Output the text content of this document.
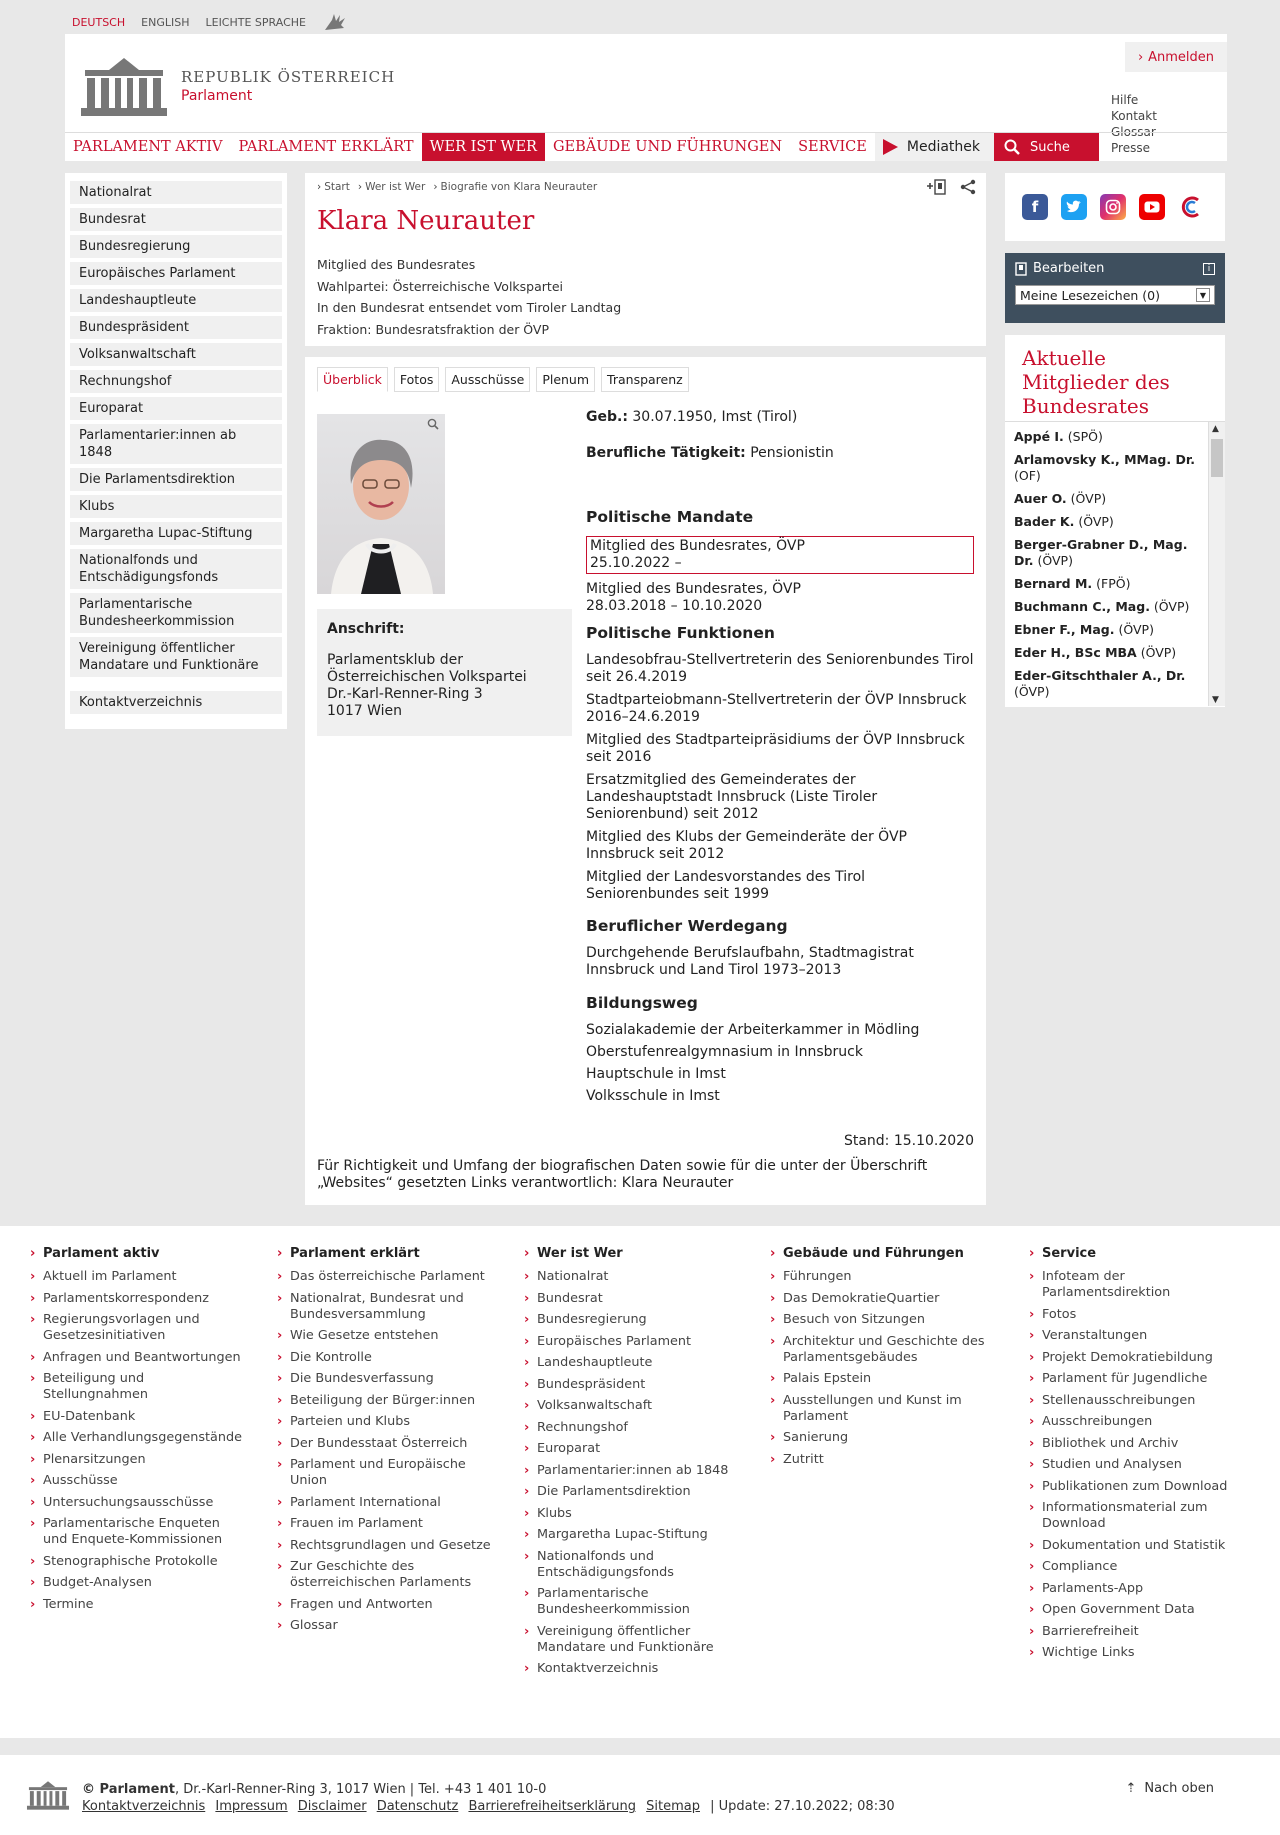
DEUTSCH ENGLISH LEICHTE SPRACHE
REPUBLIK ÖSTERREICH
Parlament
› Anmelden
Hilfe
Kontakt
Glossar
Presse
PARLAMENT AKTIV	PARLAMENT ERKLÄRT	WER IST WER	GEBÄUDE UND FÜHRUNGEN	SERVICE	Mediathek	Suche
Nationalrat
Bundesrat
Bundesregierung
Europäisches Parlament
Landeshauptleute
Bundespräsident
Volksanwaltschaft
Rechnungshof
Europarat
Parlamentarier:innen ab 1848
Die Parlamentsdirektion
Klubs
Margaretha Lupac-Stiftung
Nationalfonds und Entschädigungsfonds
Parlamentarische Bundesheerkommission
Vereinigung öffentlicher Mandatare und Funktionäre
Kontaktverzeichnis
› Start	› Wer ist Wer	› Biografie von Klara Neurauter
Klara Neurauter
Mitglied des Bundesrates
Wahlpartei: Österreichische Volkspartei
In den Bundesrat entsendet vom Tiroler Landtag
Fraktion: Bundesratsfraktion der ÖVP
Überblick	Fotos	Ausschüsse	Plenum	Transparenz
Anschrift:
Parlamentsklub der Österreichischen Volkspartei
Dr.-Karl-Renner-Ring 3
1017 Wien
Geb.: 30.07.1950, Imst (Tirol)
Berufliche Tätigkeit: Pensionistin
Politische Mandate
Mitglied des Bundesrates, ÖVP
25.10.2022 –
Mitglied des Bundesrates, ÖVP
28.03.2018 – 10.10.2020
Politische Funktionen
Landesobfrau-Stellvertreterin des Seniorenbundes Tirol seit 26.4.2019
Stadtparteiobmann-Stellvertreterin der ÖVP Innsbruck 2016–24.6.2019
Mitglied des Stadtparteipräsidiums der ÖVP Innsbruck seit 2016
Ersatzmitglied des Gemeinderates der Landeshauptstadt Innsbruck (Liste Tiroler Seniorenbund) seit 2012
Mitglied des Klubs der Gemeinderäte der ÖVP Innsbruck seit 2012
Mitglied der Landesvorstandes des Tirol Seniorenbundes seit 1999
Beruflicher Werdegang
Durchgehende Berufslaufbahn, Stadtmagistrat Innsbruck und Land Tirol 1973–2013
Bildungsweg
Sozialakademie der Arbeiterkammer in Mödling
Oberstufenrealgymnasium in Innsbruck
Hauptschule in Imst
Volksschule in Imst
Stand: 15.10.2020
Für Richtigkeit und Umfang der biografischen Daten sowie für die unter der Überschrift „Websites“ gesetzten Links verantwortlich: Klara Neurauter
f
Bearbeiten	i
Meine Lesezeichen (0)	▼
Aktuelle Mitglieder des Bundesrates
Appé I. (SPÖ)
Arlamovsky K., MMag. Dr. (OF)
Auer O. (ÖVP)
Bader K. (ÖVP)
Berger-Grabner D., Mag. Dr. (ÖVP)
Bernard M. (FPÖ)
Buchmann C., Mag. (ÖVP)
Ebner F., Mag. (ÖVP)
Eder H., BSc MBA (ÖVP)
Eder-Gitschthaler A., Dr. (ÖVP)
▲
▼
› Parlament aktiv
› Aktuell im Parlament
› Parlamentskorrespondenz
› Regierungsvorlagen und Gesetzesinitiativen
› Anfragen und Beantwortungen
› Beteiligung und Stellungnahmen
› EU-Datenbank
› Alle Verhandlungsgegenstände
› Plenarsitzungen
› Ausschüsse
› Untersuchungsausschüsse
› Parlamentarische Enqueten und Enquete-Kommissionen
› Stenographische Protokolle
› Budget-Analysen
› Termine
› Parlament erklärt
› Das österreichische Parlament
› Nationalrat, Bundesrat und Bundesversammlung
› Wie Gesetze entstehen
› Die Kontrolle
› Die Bundesverfassung
› Beteiligung der Bürger:innen
› Parteien und Klubs
› Der Bundesstaat Österreich
› Parlament und Europäische Union
› Parlament International
› Frauen im Parlament
› Rechtsgrundlagen und Gesetze
› Zur Geschichte des österreichischen Parlaments
› Fragen und Antworten
› Glossar
› Wer ist Wer
› Nationalrat
› Bundesrat
› Bundesregierung
› Europäisches Parlament
› Landeshauptleute
› Bundespräsident
› Volksanwaltschaft
› Rechnungshof
› Europarat
› Parlamentarier:innen ab 1848
› Die Parlamentsdirektion
› Klubs
› Margaretha Lupac-Stiftung
› Nationalfonds und Entschädigungsfonds
› Parlamentarische Bundesheerkommission
› Vereinigung öffentlicher Mandatare und Funktionäre
› Kontaktverzeichnis
› Gebäude und Führungen
› Führungen
› Das DemokratieQuartier
› Besuch von Sitzungen
› Architektur und Geschichte des Parlamentsgebäudes
› Palais Epstein
› Ausstellungen und Kunst im Parlament
› Sanierung
› Zutritt
› Service
› Infoteam der Parlamentsdirektion
› Fotos
› Veranstaltungen
› Projekt Demokratiebildung
› Parlament für Jugendliche
› Stellenausschreibungen
› Ausschreibungen
› Bibliothek und Archiv
› Studien und Analysen
› Publikationen zum Download
› Informationsmaterial zum Download
› Dokumentation und Statistik
› Compliance
› Parlaments-App
› Open Government Data
› Barrierefreiheit
› Wichtige Links
© Parlament, Dr.-Karl-Renner-Ring 3, 1017 Wien | Tel. +43 1 401 10-0
Kontaktverzeichnis Impressum Disclaimer Datenschutz Barrierefreiheitserklärung Sitemap | Update: 27.10.2022; 08:30
⇡ Nach oben
